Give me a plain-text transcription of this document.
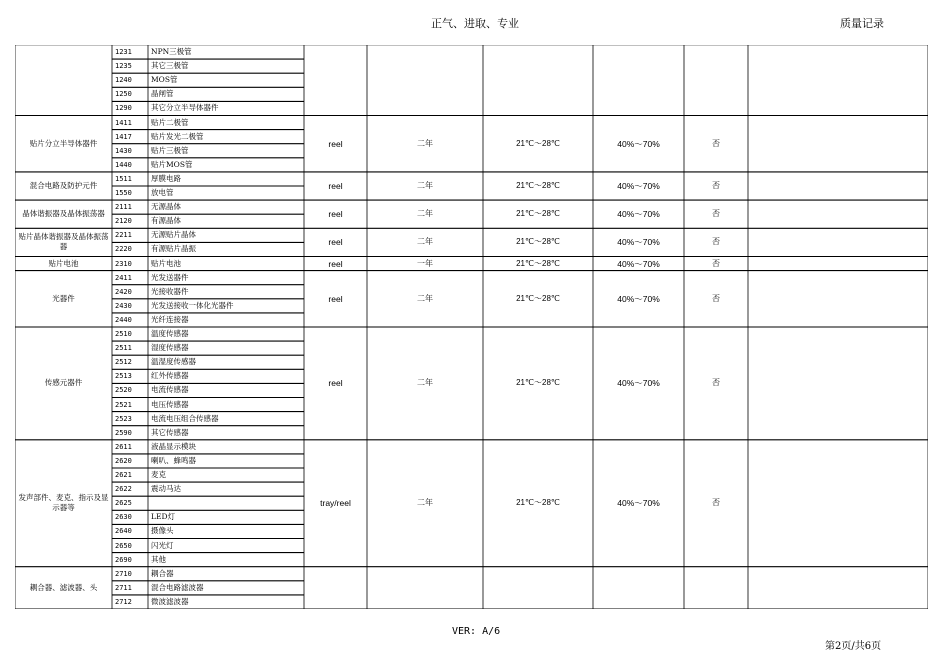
正气、进取、专业	质量记录
1231	NPN三极管
1235	其它三极管
1240	MOS管
1250	晶闸管
1290	其它分立半导体器件
1411	贴片二极管
1417	贴片发光二极管
1430	贴片三极管
1440	贴片MOS管
贴片分立半导体器件	reel	二年	21℃～28℃	40%～70%	否
1511	厚膜电路
1550	放电管
混合电路及防护元件	reel	二年	21℃～28℃	40%～70%	否
2111	无源晶体
2120	有源晶体
晶体谐振器及晶体振荡器	reel	二年	21℃～28℃	40%～70%	否
2211	无源贴片晶体
2220	有源贴片晶振
贴片晶体谐振器及晶体振荡器	reel	二年	21℃～28℃	40%～70%	否
2310	贴片电池
贴片电池	reel	一年	21℃～28℃	40%～70%	否
2411	光发送器件
2420	光接收器件
2430	光发送接收一体化光器件
2440	光纤连接器
光器件	reel	二年	21℃～28℃	40%～70%	否
2510	温度传感器
2511	湿度传感器
2512	温湿度传感器
2513	红外传感器
2520	电流传感器
2521	电压传感器
2523	电流电压组合传感器
2590	其它传感器
传感元器件	reel	二年	21℃～28℃	40%～70%	否
2611	液晶显示模块
2620	喇叭、蜂鸣器
2621	麦克
2622	震动马达
2625
2630	LED灯
2640	摄像头
2650	闪光灯
2690	其他
发声部件、麦克、指示及显示器等	tray/reel	二年	21℃～28℃	40%～70%	否
2710	耦合器
2711	混合电路滤波器
2712	微波滤波器
耦合器、滤波器、头
VER: A/6
第2页/共6页
